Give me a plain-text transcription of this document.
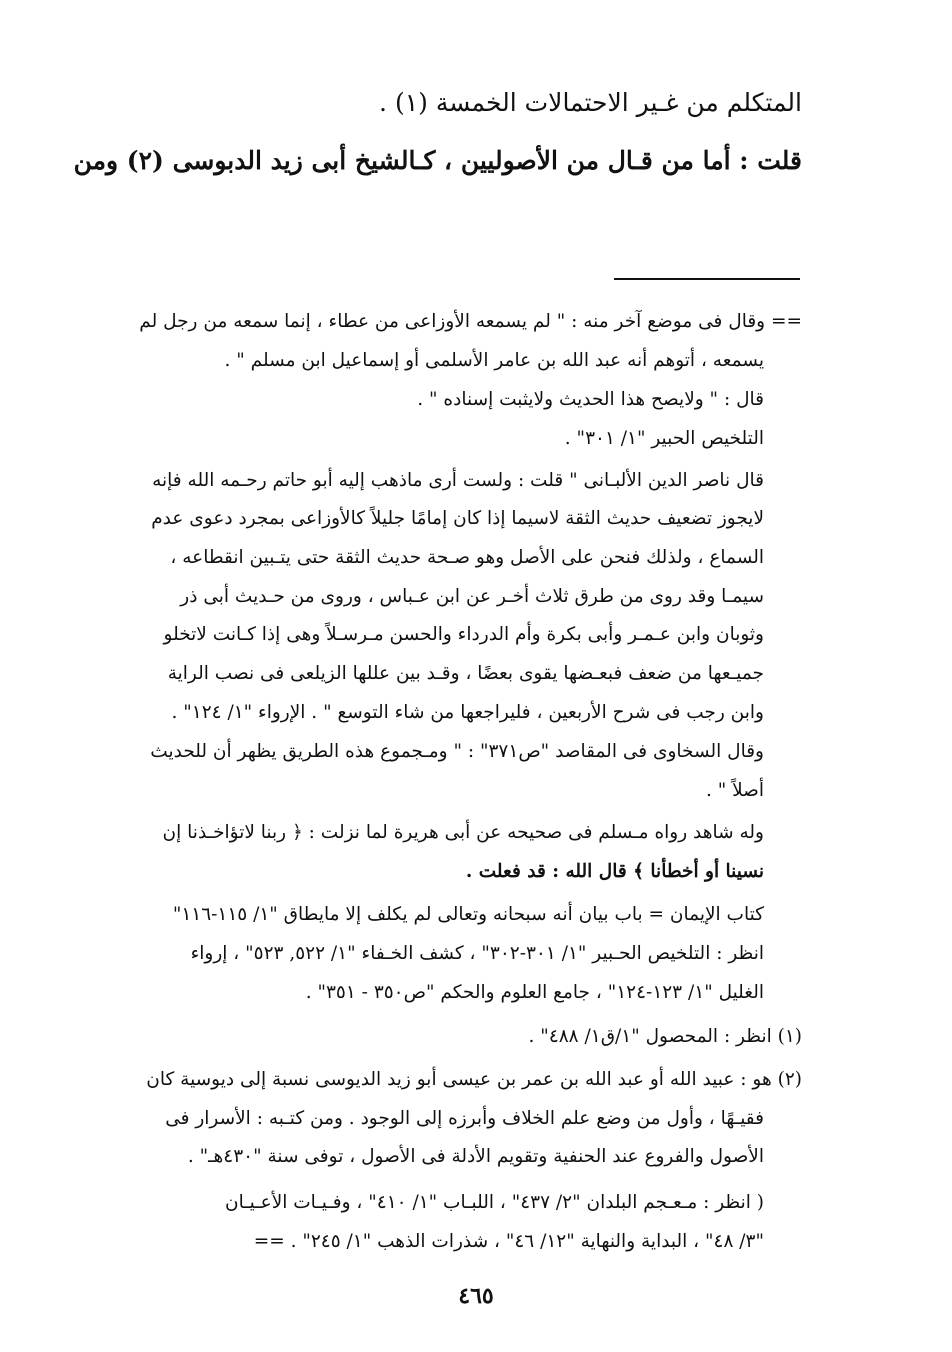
المتكلم من غـير الاحتمالات الخمسة (١) .
قلت : أما من قـال من الأصوليين ، كـالشيخ أبى زيد الدبوسى (٢) ومن
== وقال فى موضع آخر منه : " لم يسمعه الأوزاعى من عطاء ، إنما سمعه من رجل لم
يسمعه ، أتوهم أنه عبد الله بن عامر الأسلمى أو إسماعيل ابن مسلم " .
قال : " ولايصح هذا الحديث ولايثبت إسناده " .
التلخيص الحبير "١/ ٣٠١" .
قال ناصر الدين الألبـانى " قلت : ولست أرى ماذهب إليه أبو حاتم رحـمه الله فإنه
لايجوز تضعيف حديث الثقة لاسيما إذا كان إمامًا جليلاً كالأوزاعى بمجرد دعوى عدم
السماع ، ولذلك فنحن على الأصل وهو صـحة حديث الثقة حتى يتـبين انقطاعه ،
سيمـا وقد روى من طرق ثلاث أخـر عن ابن عـباس ، وروى من حـديث أبى ذر
وثوبان وابن عـمـر وأبى بكرة وأم الدرداء والحسن مـرسـلاً وهى إذا كـانت لاتخلو
جميـعها من ضعف فبعـضها يقوى بعضًا ، وقـد بين عللها الزيلعى فى نصب الراية
وابن رجب فى شرح الأربعين ، فليراجعها من شاء التوسع " . الإرواء "١/ ١٢٤" .
وقال السخاوى فى المقاصد "ص٣٧١" : " ومـجموع هذه الطريق يظهر أن للحديث
أصلاً " .
وله شاهد رواه مـسلم فى صحيحه عن أبى هريرة لما نزلت : ﴿ ربنا لاتؤاخـذنا إن
نسينا أو أخطأنا ﴾ قال الله : قد فعلت .
كتاب الإيمان = باب بيان أنه سبحانه وتعالى لم يكلف إلا مايطاق "١/ ١١٥-١١٦"
انظر : التلخيص الحـبير "١/ ٣٠١-٣٠٢" ، كشف الخـفاء "١/ ٥٢٢, ٥٢٣" ، إرواء
الغليل "١/ ١٢٣-١٢٤" ، جامع العلوم والحكم "ص٣٥٠ - ٣٥١" .
(١) انظر : المحصول "١/ق١/ ٤٨٨" .
(٢) هو : عبيد الله أو عبد الله بن عمر بن عيسى أبو زيد الديوسى نسبة إلى ديوسية كان
فقيـهًا ، وأول من وضع علم الخلاف وأبرزه إلى الوجود . ومن كتـبه : الأسرار فى
الأصول والفروع عند الحنفية وتقويم الأدلة فى الأصول ، توفى سنة "٤٣٠هـ" .
( انظر : مـعـجم البلدان "٢/ ٤٣٧" ، اللبـاب "١/ ٤١٠" ، وفـيـات الأعـيـان
"٣/ ٤٨" ، البداية والنهاية "١٢/ ٤٦" ، شذرات الذهب "١/ ٢٤٥" . ==
٤٦٥
